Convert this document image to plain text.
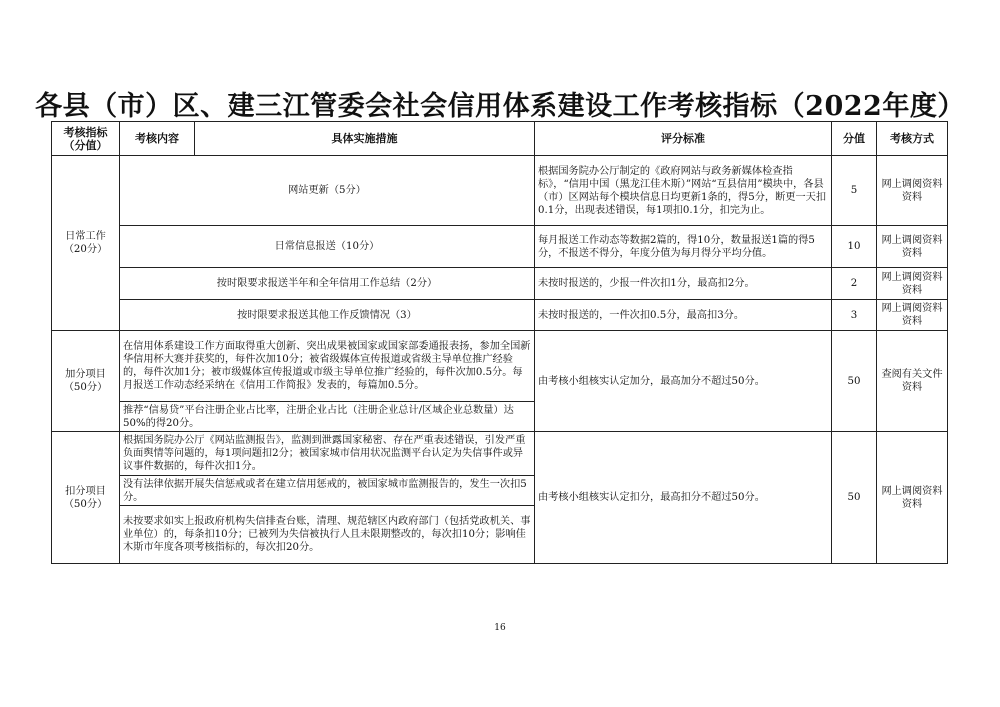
各县（市）区、建三江管委会社会信用体系建设工作考核指标（2022年度）
考核指标（分值）	考核内容	具体实施措施	评分标准	分值	考核方式
日常工作（20分）	网站更新（5分）		根据国务院办公厅制定的《政府网站与政务新媒体检查指标》，“信用中国（黑龙江佳木斯）”网站“互县信用”模块中，各县（市）区网站每个模块信息日均更新1条的，得5分，断更一天扣0.1分，出现表述错误，每1项扣0.1分，扣完为止。	5	网上调阅资料资料
	日常信息报送（10分）		每月报送工作动态等数据2篇的，得10分，数量报送1篇的得5分，不报送不得分，年度分值为每月得分平均分值。	10	网上调阅资料资料
	按时限要求报送半年和全年信用工作总结（2分）		未按时报送的，少报一件次扣1分，最高扣2分。	2	网上调阅资料资料
	按时限要求报送其他工作反馈情况（3）		未按时报送的，一件次扣0.5分，最高扣3分。	3	网上调阅资料资料
加分项目（50分）	在信用体系建设工作方面取得重大创新、突出成果被国家或国家部委通报表扬，参加全国新华信用杯大赛并获奖的，每件次加10分；被省级媒体宣传报道或省级主导单位推广经验的，每件次加1分；被市级媒体宣传报道或市级主导单位推广经验的，每件次加0.5分。每月报送工作动态经采纳在《信用工作简报》发表的，每篇加0.5分。		由考核小组核实认定加分，最高加分不超过50分。	50	查阅有关文件资料
	推荐“信易贷”平台注册企业占比率，注册企业占比（注册企业总计/区域企业总数量）达50%的得20分。				
扣分项目（50分）	根据国务院办公厅《网站监测报告》，监测到泄露国家秘密、存在严重表述错误，引发严重负面舆情等问题的，每1项问题扣2分；被国家城市信用状况监测平台认定为失信事件或异议事件数据的，每件次扣1分。		由考核小组核实认定扣分，最高扣分不超过50分。	50	网上调阅资料资料
	没有法律依据开展失信惩戒或者在建立信用惩戒的，被国家城市监测报告的，发生一次扣5分。				
	未按要求如实上报政府机构失信排查台账，清理、规范辖区内政府部门（包括党政机关、事业单位）的，每条扣10分；已被列为失信被执行人且未限期整改的，每次扣10分；影响佳木斯市年度各项考核指标的，每次扣20分。				
16
